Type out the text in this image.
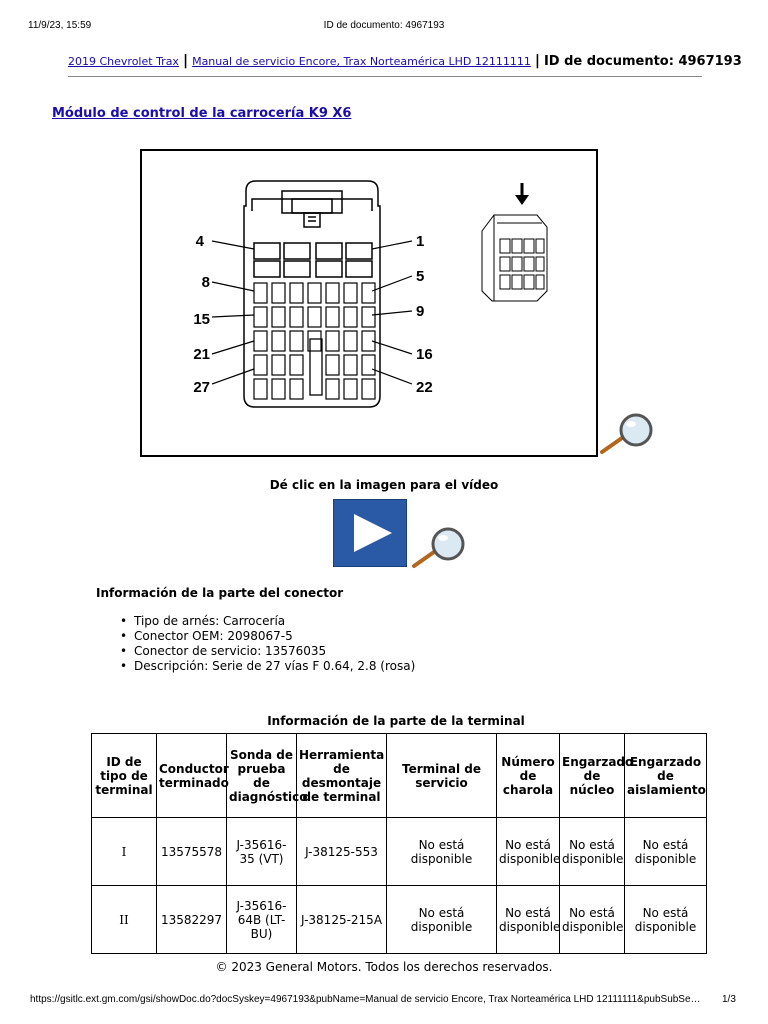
11/9/23, 15:59	ID de documento: 4967193
2019 Chevrolet Trax | Manual de servicio Encore, Trax Norteamérica LHD 12111111 | ID de documento: 4967193
Módulo de control de la carrocería K9 X6
4
8
15
21
27
1
5
9
16
22
Dé clic en la imagen para el vídeo
Información de la parte del conector
• Tipo de arnés: Carrocería
• Conector OEM: 2098067-5
• Conector de servicio: 13576035
• Descripción: Serie de 27 vías F 0.64, 2.8 (rosa)
Información de la parte de la terminal
ID de tipo de terminal	Conductor terminado	Sonda de prueba de diagnóstico	Herramienta de desmontaje de terminal	Terminal de servicio	Número de charola	Engarzado de núcleo	Engarzado de aislamiento
I	13575578	J-35616-35 (VT)	J-38125-553	No está disponible	No está disponible	No está disponible	No está disponible
II	13582297	J-35616-64B (LT-BU)	J-38125-215A	No está disponible	No está disponible	No está disponible	No está disponible
© 2023 General Motors. Todos los derechos reservados.
https://gsitlc.ext.gm.com/gsi/showDoc.do?docSyskey=4967193&pubName=Manual de servicio Encore, Trax Norteamérica LHD 12111111&pubSubSe…	1/3
